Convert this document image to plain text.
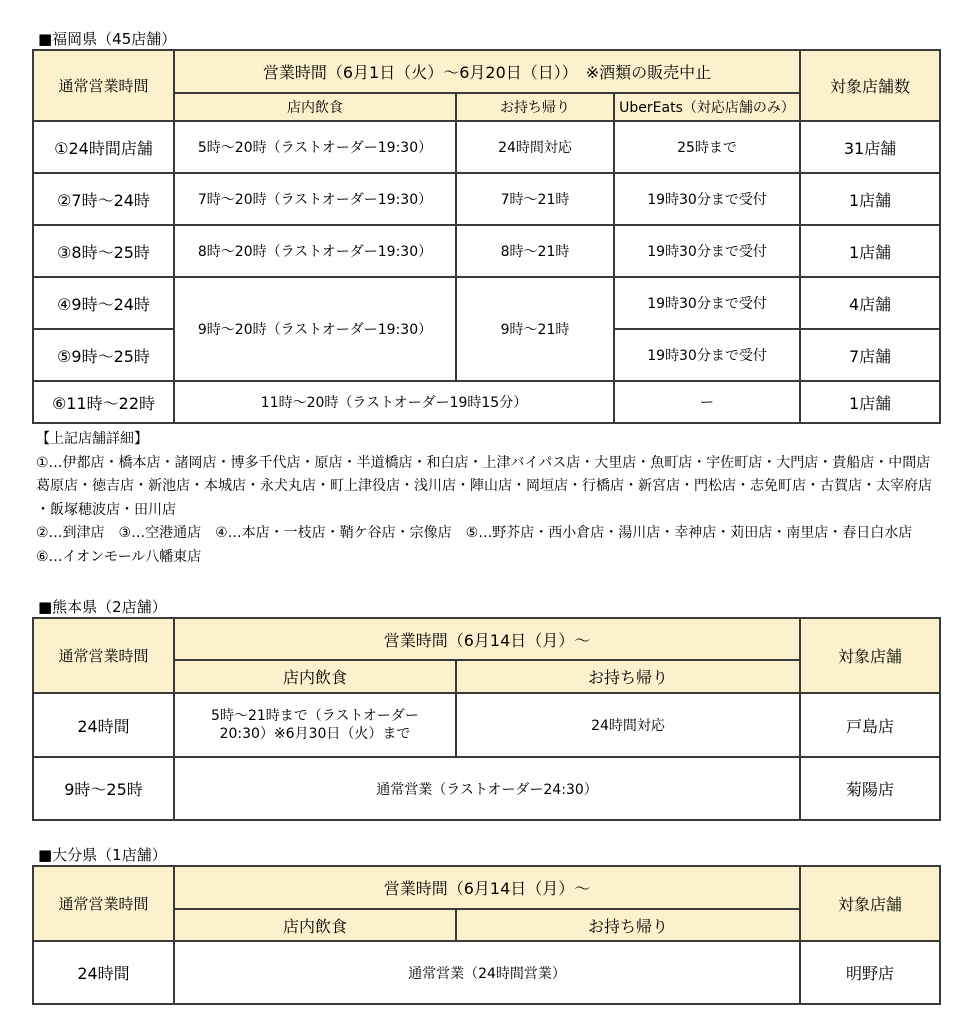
■福岡県（45店舗）
通常営業時間	営業時間（6月1日（火）～6月20日（日））　※酒類の販売中止			対象店舗数
	店内飲食	お持ち帰り	UberEats（対応店舗のみ）	
①24時間店舗	5時～20時（ラストオーダー19:30）	24時間対応	25時まで	31店舗
②7時～24時	7時～20時（ラストオーダー19:30）	7時～21時	19時30分まで受付	1店舗
③8時～25時	8時～20時（ラストオーダー19:30）	8時～21時	19時30分まで受付	1店舗
④9時～24時	9時～20時（ラストオーダー19:30）	9時～21時	19時30分まで受付	4店舗
⑤9時～25時			19時30分まで受付	7店舗
⑥11時～22時	11時～20時（ラストオーダー19時15分）		ー	1店舗
【上記店舗詳細】
①…伊都店・橋本店・諸岡店・博多千代店・原店・半道橋店・和白店・上津バイパス店・大里店・魚町店・宇佐町店・大門店・貴船店・中間店
葛原店・徳吉店・新池店・本城店・永犬丸店・町上津役店・浅川店・陣山店・岡垣店・行橋店・新宮店・門松店・志免町店・古賀店・太宰府店
・飯塚穂波店・田川店
②…到津店　③…空港通店　④…本店・一枝店・鞘ケ谷店・宗像店　⑤…野芥店・西小倉店・湯川店・幸神店・苅田店・南里店・春日白水店
⑥…イオンモール八幡東店
■熊本県（2店舗）
通常営業時間	営業時間（6月14日（月）～		対象店舗
	店内飲食	お持ち帰り	
24時間	5時～21時まで（ラストオーダー
20:30）※6月30日（火）まで	24時間対応	戸島店
9時～25時	通常営業（ラストオーダー24:30）		菊陽店
■大分県（1店舗）
通常営業時間	営業時間（6月14日（月）～		対象店舗
	店内飲食	お持ち帰り	
24時間	通常営業（24時間営業）		明野店
